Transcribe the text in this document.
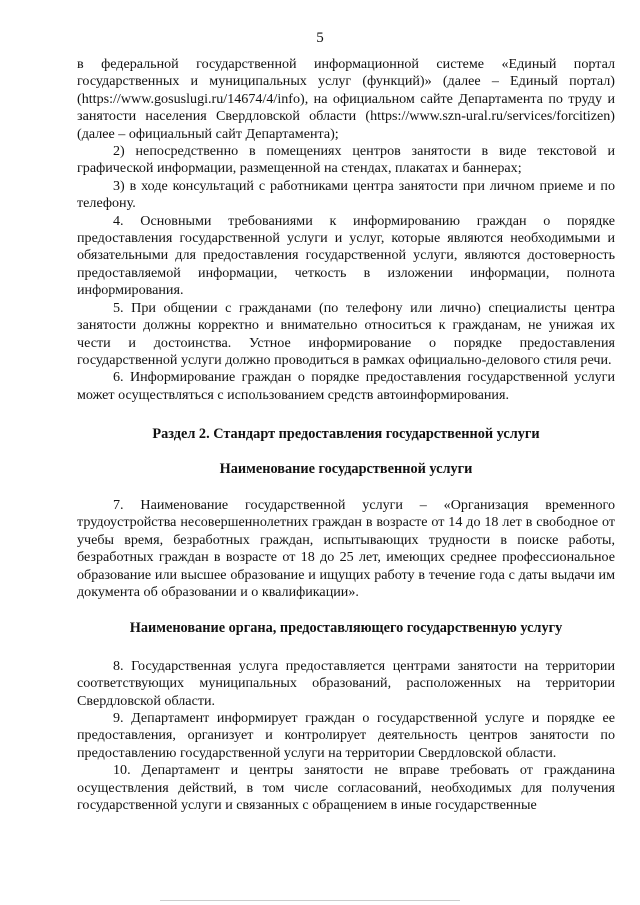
5

в федеральной государственной информационной системе «Единый портал государственных и муниципальных услуг (функций)» (далее – Единый портал) (https://www.gosuslugi.ru/14674/4/info), на официальном сайте Департамента по труду и занятости населения Свердловской области (https://www.szn-ural.ru/services/forcitizen) (далее – официальный сайт Департамента);

2) непосредственно в помещениях центров занятости в виде текстовой и графической информации, размещенной на стендах, плакатах и баннерах;

3) в ходе консультаций с работниками центра занятости при личном приеме и по телефону.

4. Основными требованиями к информированию граждан о порядке предоставления государственной услуги и услуг, которые являются необходимыми и обязательными для предоставления государственной услуги, являются достоверность предоставляемой информации, четкость в изложении информации, полнота информирования.

5. При общении с гражданами (по телефону или лично) специалисты центра занятости должны корректно и внимательно относиться к гражданам, не унижая их чести и достоинства. Устное информирование о порядке предоставления государственной услуги должно проводиться в рамках официально-делового стиля речи.

6. Информирование граждан о порядке предоставления государственной услуги может осуществляться с использованием средств автоинформирования.

Раздел 2. Стандарт предоставления государственной услуги
Наименование государственной услуги

7. Наименование государственной услуги – «Организация временного трудоустройства несовершеннолетних граждан в возрасте от 14 до 18 лет в свободное от учебы время, безработных граждан, испытывающих трудности в поиске работы, безработных граждан в возрасте от 18 до 25 лет, имеющих среднее профессиональное образование или высшее образование и ищущих работу в течение года с даты выдачи им документа об образовании и о квалификации».

Наименование органа, предоставляющего государственную услугу

8. Государственная услуга предоставляется центрами занятости на территории соответствующих муниципальных образований, расположенных на территории Свердловской области.

9. Департамент информирует граждан о государственной услуге и порядке ее предоставления, организует и контролирует деятельность центров занятости по предоставлению государственной услуги на территории Свердловской области.

10. Департамент и центры занятости не вправе требовать от гражданина осуществления действий, в том числе согласований, необходимых для получения государственной услуги и связанных с обращением в иные государственные
